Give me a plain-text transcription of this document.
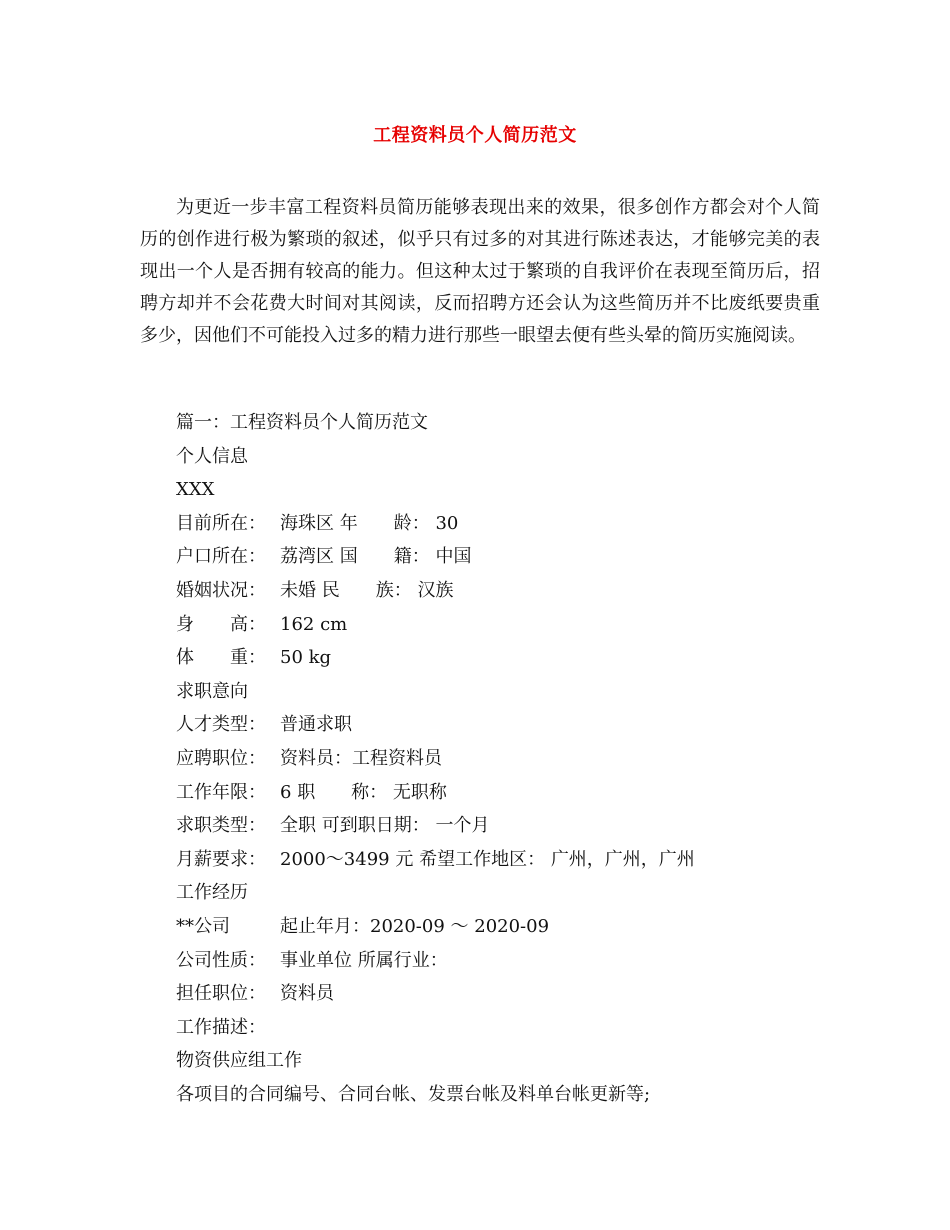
工程资料员个人简历范文

为更近一步丰富工程资料员简历能够表现出来的效果，很多创作方都会对个人简历的创作进行极为繁琐的叙述，似乎只有过多的对其进行陈述表达，才能够完美的表现出一个人是否拥有较高的能力。但这种太过于繁琐的自我评价在表现至简历后，招聘方却并不会花费大时间对其阅读，反而招聘方还会认为这些简历并不比废纸要贵重多少，因他们不可能投入过多的精力进行那些一眼望去便有些头晕的简历实施阅读。

篇一：工程资料员个人简历范文
个人信息
XXX
目前所在： 海珠区 年　　龄： 30
户口所在： 荔湾区 国　　籍： 中国
婚姻状况： 未婚 民　　族： 汉族
身　　高： 162 cm
体　　重： 50 kg
求职意向
人才类型： 普通求职
应聘职位： 资料员：工程资料员
工作年限： 6 职　　称： 无职称
求职类型： 全职 可到职日期： 一个月
月薪要求： 2000～3499 元 希望工作地区： 广州，广州，广州
工作经历
**公司	起止年月：2020-09 ～ 2020-09
公司性质： 事业单位 所属行业：
担任职位： 资料员
工作描述：
物资供应组工作
各项目的合同编号、合同台帐、发票台帐及料单台帐更新等;
